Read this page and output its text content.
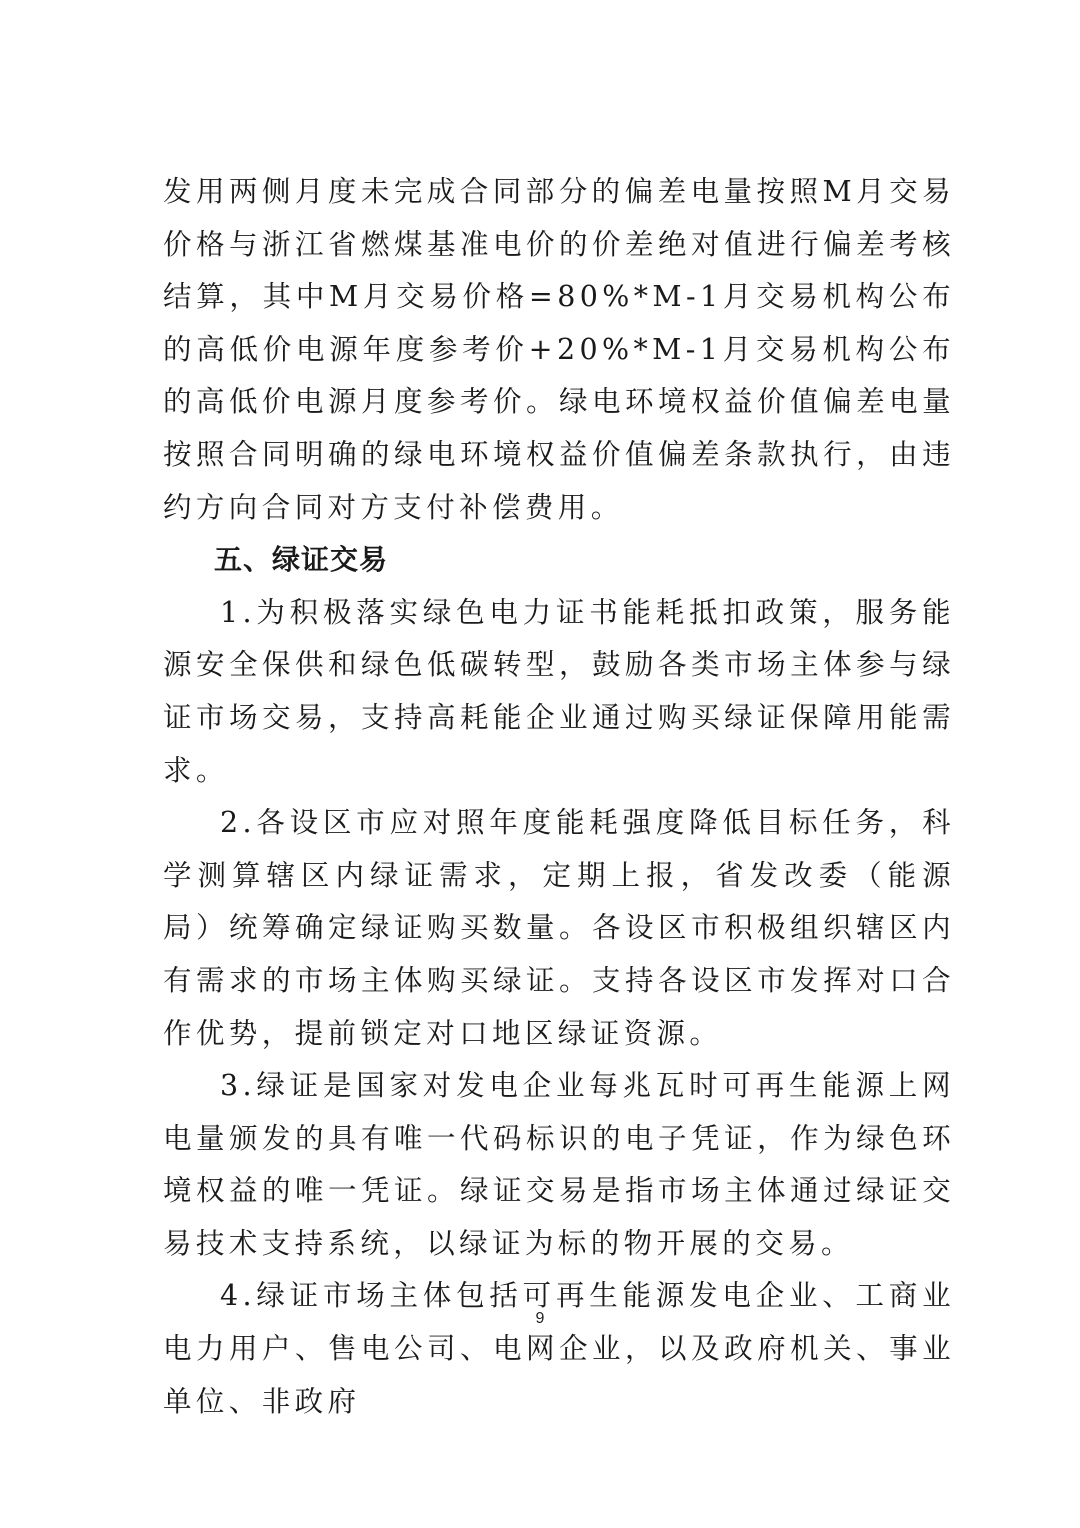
发用两侧月度未完成合同部分的偏差电量按照M月交易价格与浙江省燃煤基准电价的价差绝对值进行偏差考核结算，其中M月交易价格=80%*M-1月交易机构公布的高低价电源年度参考价+20%*M-1月交易机构公布的高低价电源月度参考价。绿电环境权益价值偏差电量按照合同明确的绿电环境权益价值偏差条款执行，由违约方向合同对方支付补偿费用。

五、绿证交易

1.为积极落实绿色电力证书能耗抵扣政策，服务能源安全保供和绿色低碳转型，鼓励各类市场主体参与绿证市场交易，支持高耗能企业通过购买绿证保障用能需求。

2.各设区市应对照年度能耗强度降低目标任务，科学测算辖区内绿证需求，定期上报，省发改委（能源局）统筹确定绿证购买数量。各设区市积极组织辖区内有需求的市场主体购买绿证。支持各设区市发挥对口合作优势，提前锁定对口地区绿证资源。

3.绿证是国家对发电企业每兆瓦时可再生能源上网电量颁发的具有唯一代码标识的电子凭证，作为绿色环境权益的唯一凭证。绿证交易是指市场主体通过绿证交易技术支持系统，以绿证为标的物开展的交易。

4.绿证市场主体包括可再生能源发电企业、工商业电力用户、售电公司、电网企业，以及政府机关、事业单位、非政府

9
